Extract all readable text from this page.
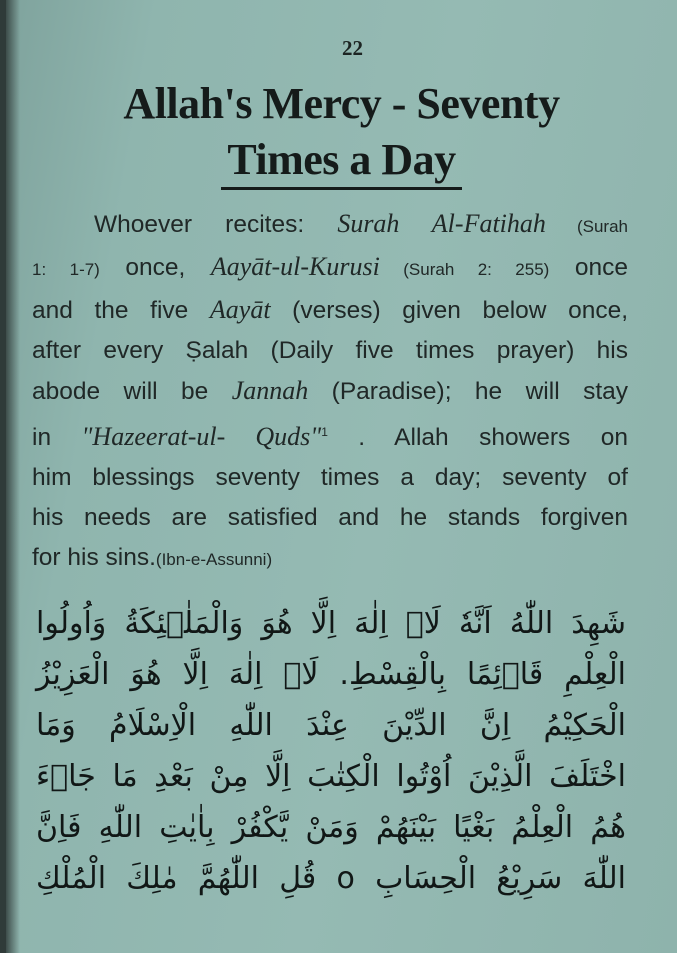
22
Allah's Mercy - Seventy
Times a Day
Whoever recites: Surah Al-Fatihah (Surah
1: 1-7) once, Aayāt-ul-Kurusi (Surah 2: 255) once
and the five Aayāt (verses) given below once,
after every Ṣalah (Daily five times prayer) his
abode will be Jannah (Paradise); he will stay
in "Hazeerat-ul- Quds"$^1$ . Allah showers on
him blessings seventy times a day; seventy of
his needs are satisfied and he stands forgiven
for his sins.(Ibn-e-Assunni)
شَهِدَ اللّٰهُ اَنَّهٗ لَاۤ اِلٰهَ اِلَّا هُوَ وَالْمَلٰۤئِكَةُ وَاُولُوا
الْعِلْمِ قَاۤئِمًا بِالْقِسْطِ. لَاۤ اِلٰهَ اِلَّا هُوَ الْعَزِيْزُ
الْحَكِيْمُ اِنَّ الدِّيْنَ عِنْدَ اللّٰهِ الْاِسْلَامُ وَمَا
اخْتَلَفَ الَّذِيْنَ اُوْتُوا الْكِتٰبَ اِلَّا مِنْ بَعْدِ مَا جَاۤءَ
هُمُ الْعِلْمُ بَغْيًا بَيْنَهُمْ وَمَنْ يَّكْفُرْ بِاٰيٰتِ اللّٰهِ فَاِنَّ
اللّٰهَ سَرِيْعُ الْحِسَابِ o قُلِ اللّٰهُمَّ مٰلِكَ الْمُلْكِ
